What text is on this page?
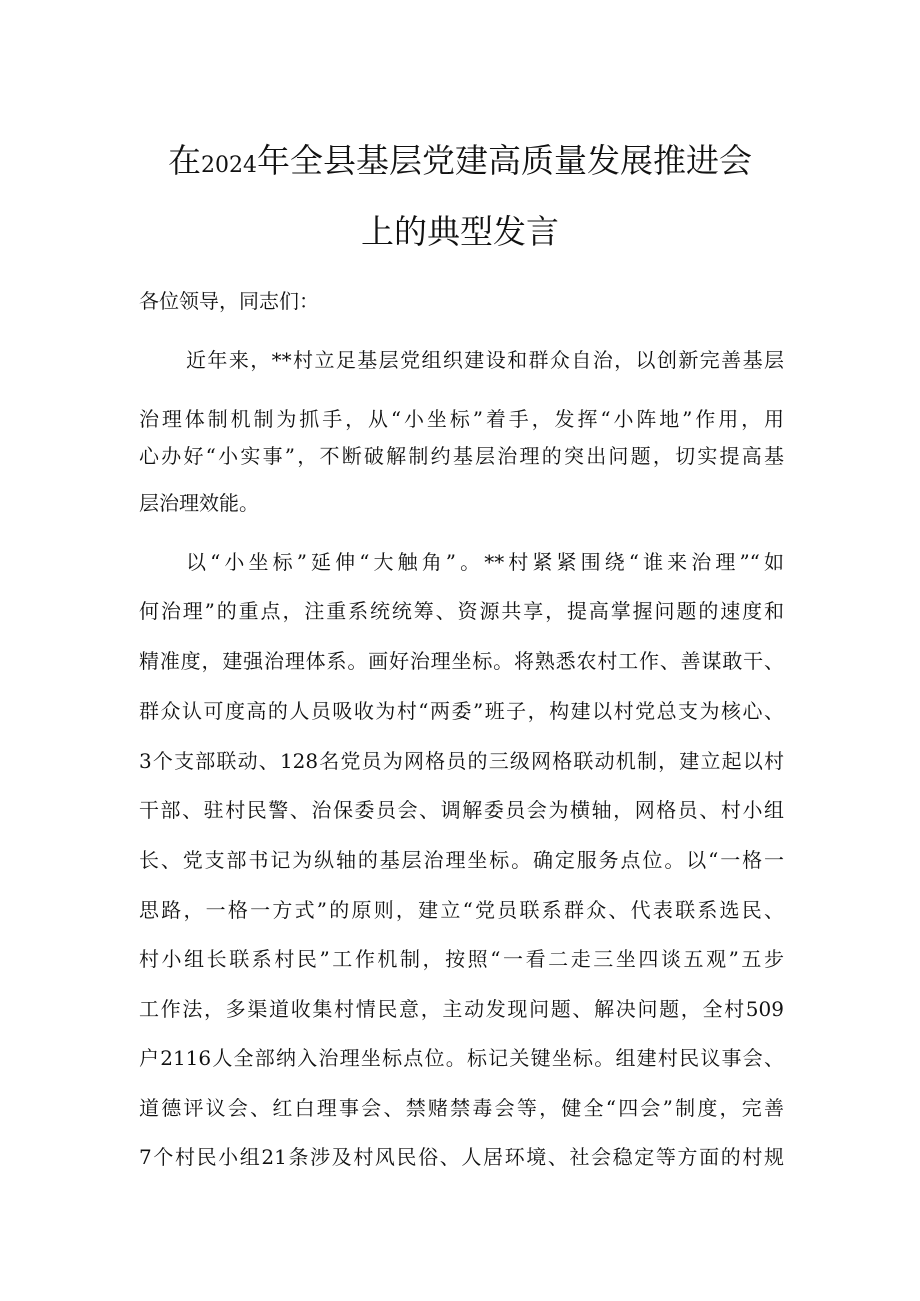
在2024年全县基层党建高质量发展推进会
上的典型发言

各位领导，同志们：

近年来，**村立足基层党组织建设和群众自治，以创新完善基层

治理体制机制为抓手，从“小坐标”着手，发挥“小阵地”作用，用

心办好“小实事”，不断破解制约基层治理的突出问题，切实提高基

层治理效能。

以“小坐标”延伸“大触角”。**村紧紧围绕“谁来治理”“如

何治理”的重点，注重系统统筹、资源共享，提高掌握问题的速度和

精准度，建强治理体系。画好治理坐标。将熟悉农村工作、善谋敢干、

群众认可度高的人员吸收为村“两委”班子，构建以村党总支为核心、

3个支部联动、128名党员为网格员的三级网格联动机制，建立起以村

干部、驻村民警、治保委员会、调解委员会为横轴，网格员、村小组

长、党支部书记为纵轴的基层治理坐标。确定服务点位。以“一格一

思路，一格一方式”的原则，建立“党员联系群众、代表联系选民、

村小组长联系村民”工作机制，按照“一看二走三坐四谈五观”五步

工作法，多渠道收集村情民意，主动发现问题、解决问题，全村509

户2116人全部纳入治理坐标点位。标记关键坐标。组建村民议事会、

道德评议会、红白理事会、禁赌禁毒会等，健全“四会”制度，完善

7个村民小组21条涉及村风民俗、人居环境、社会稳定等方面的村规
